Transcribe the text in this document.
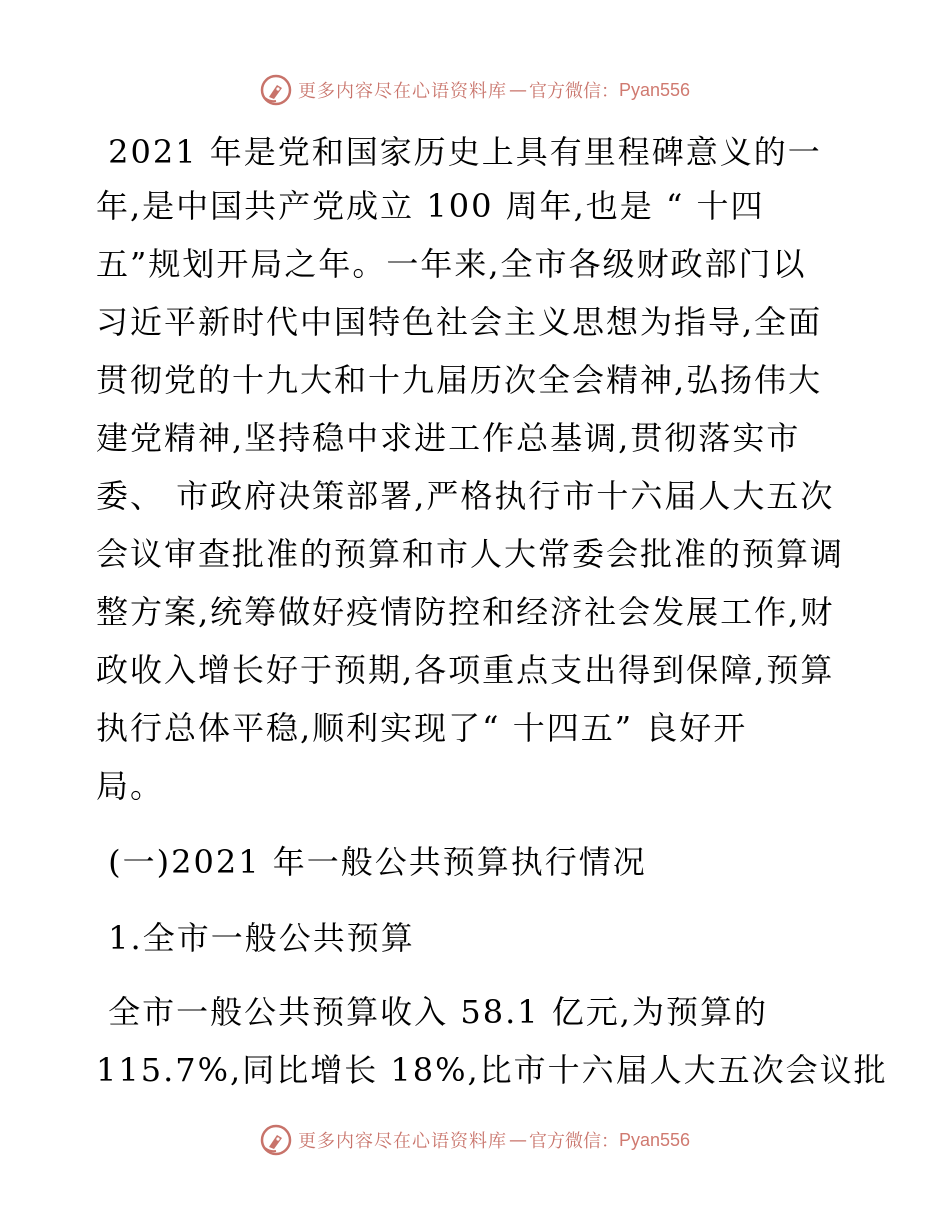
更多内容尽在心语资料库 — 官方微信： Pyan556
2021 年是党和国家历史上具有里程碑意义的一
年,是中国共产党成立 100 周年,也是 “ 十四
五”规划开局之年。一年来,全市各级财政部门以
习近平新时代中国特色社会主义思想为指导,全面
贯彻党的十九大和十九届历次全会精神,弘扬伟大
建党精神,坚持稳中求进工作总基调,贯彻落实市
委、 市政府决策部署,严格执行市十六届人大五次
会议审查批准的预算和市人大常委会批准的预算调
整方案,统筹做好疫情防控和经济社会发展工作,财
政收入增长好于预期,各项重点支出得到保障,预算
执行总体平稳,顺利实现了“ 十四五” 良好开
局。
(一)2021 年一般公共预算执行情况
1.全市一般公共预算
全市一般公共预算收入 58.1 亿元,为预算的
115.7%,同比增长 18%,比市十六届人大五次会议批
更多内容尽在心语资料库 — 官方微信： Pyan556
